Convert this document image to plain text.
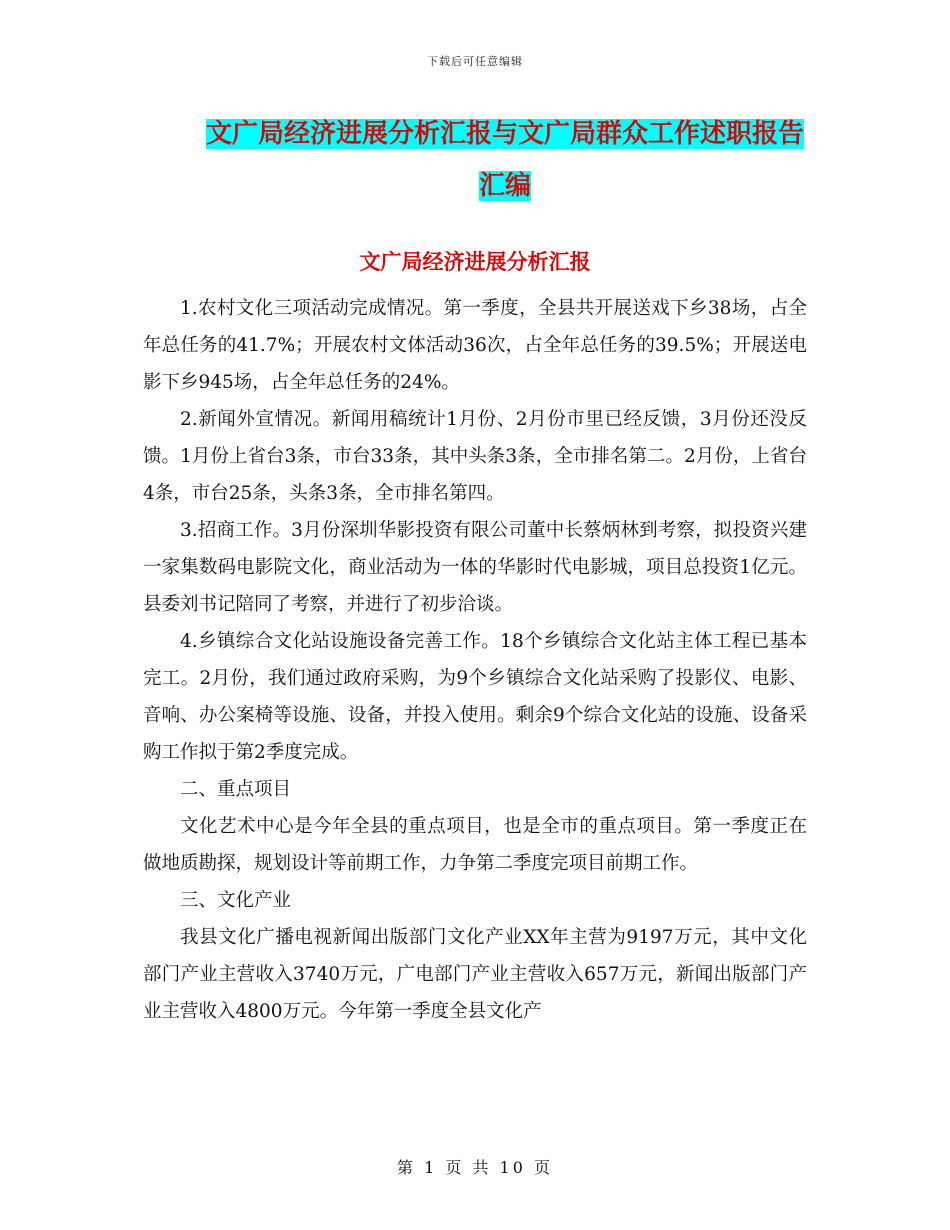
下载后可任意编辑
文广局经济进展分析汇报与文广局群众工作述职报告汇编
文广局经济进展分析汇报

1.农村文化三项活动完成情况。第一季度，全县共开展送戏下乡38场，占全年总任务的41.7%；开展农村文体活动36次，占全年总任务的39.5%；开展送电影下乡945场，占全年总任务的24%。

2.新闻外宣情况。新闻用稿统计1月份、2月份市里已经反馈，3月份还没反馈。1月份上省台3条，市台33条，其中头条3条，全市排名第二。2月份，上省台4条，市台25条，头条3条，全市排名第四。

3.招商工作。3月份深圳华影投资有限公司董中长蔡炳林到考察，拟投资兴建一家集数码电影院文化，商业活动为一体的华影时代电影城，项目总投资1亿元。县委刘书记陪同了考察，并进行了初步洽谈。

4.乡镇综合文化站设施设备完善工作。18个乡镇综合文化站主体工程已基本完工。2月份，我们通过政府采购，为9个乡镇综合文化站采购了投影仪、电影、音响、办公案椅等设施、设备，并投入使用。剩余9个综合文化站的设施、设备采购工作拟于第2季度完成。

二、重点项目

文化艺术中心是今年全县的重点项目，也是全市的重点项目。第一季度正在做地质勘探，规划设计等前期工作，力争第二季度完项目前期工作。

三、文化产业

我县文化广播电视新闻出版部门文化产业XX年主营为9197万元，其中文化部门产业主营收入3740万元，广电部门产业主营收入657万元，新闻出版部门产业主营收入4800万元。今年第一季度全县文化产

第 1 页 共 10 页
